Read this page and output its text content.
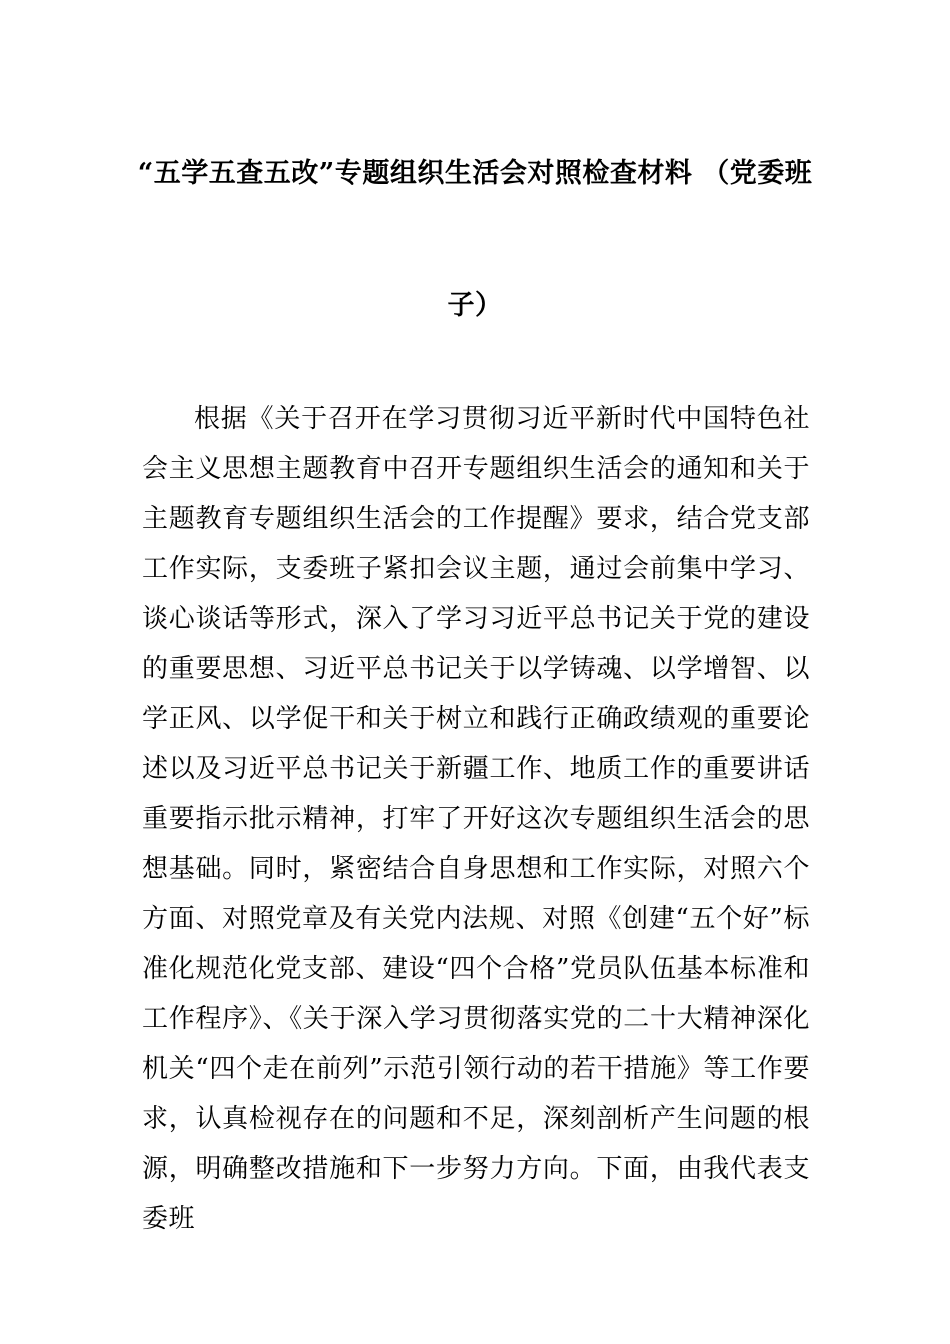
“五学五查五改”专题组织生活会对照检查材料 （党委班子）

根据《关于召开在学习贯彻习近平新时代中国特色社会主义思想主题教育中召开专题组织生活会的通知和关于主题教育专题组织生活会的工作提醒》要求，结合党支部工作实际，支委班子紧扣会议主题，通过会前集中学习、谈心谈话等形式，深入了学习习近平总书记关于党的建设的重要思想、习近平总书记关于以学铸魂、以学增智、以学正风、以学促干和关于树立和践行正确政绩观的重要论述以及习近平总书记关于新疆工作、地质工作的重要讲话重要指示批示精神，打牢了开好这次专题组织生活会的思想基础。同时，紧密结合自身思想和工作实际，对照六个方面、对照党章及有关党内法规、对照《创建“五个好”标准化规范化党支部、建设“四个合格”党员队伍基本标准和工作程序》、《关于深入学习贯彻落实党的二十大精神深化机关“四个走在前列”示范引领行动的若干措施》等工作要求，认真检视存在的问题和不足，深刻剖析产生问题的根源，明确整改措施和下一步努力方向。下面，由我代表支委班
